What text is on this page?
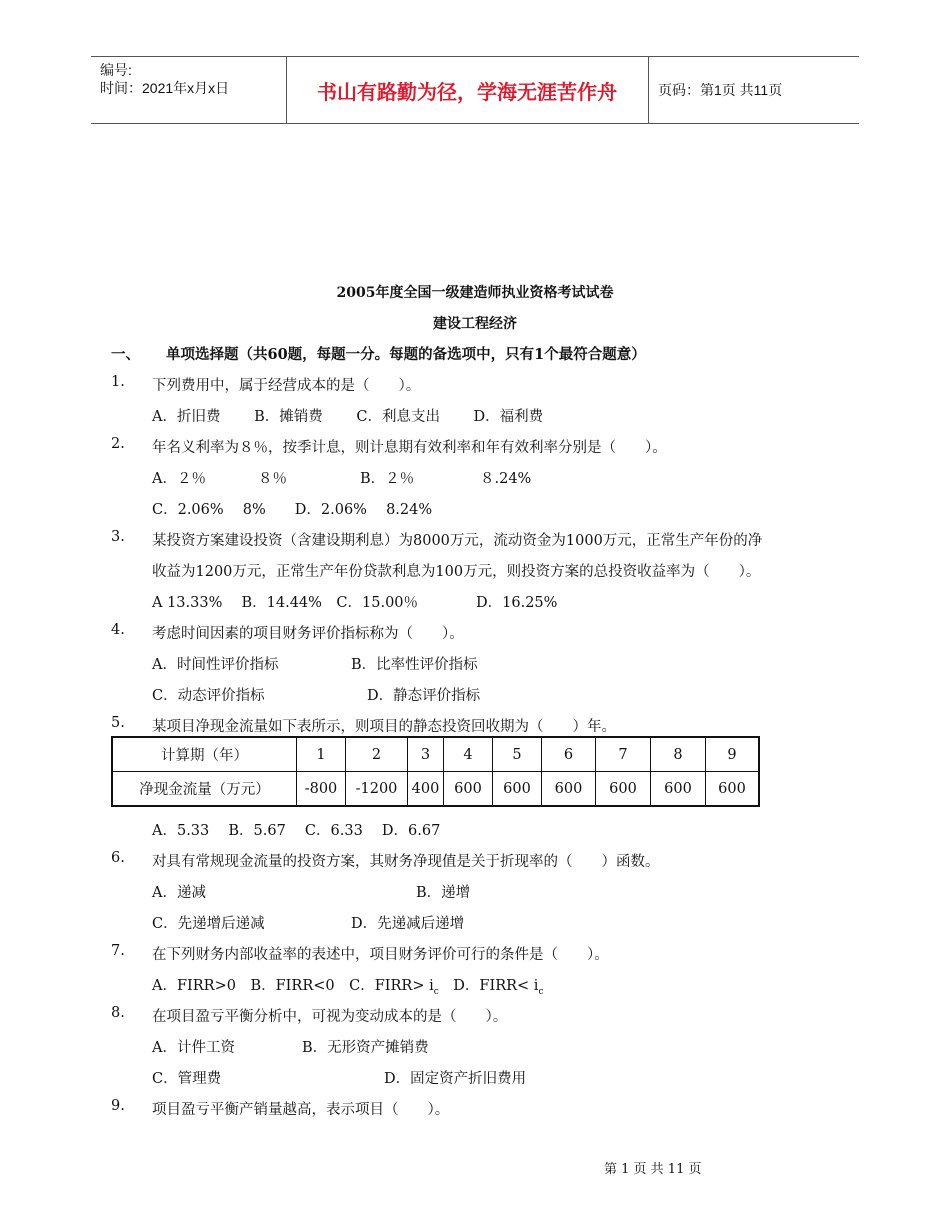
编号:
时间：2021年x月x日	书山有路勤为径，学海无涯苦作舟	页码：第1页 共11页
2005年度全国一级建造师执业资格考试试卷
建设工程经济
一、 单项选择题（共60题，每题一分。每题的备选项中，只有1个最符合题意）
1. 下列费用中，属于经营成本的是（　　）。
A．折旧费　　 B．摊销费　　 C．利息支出　　 D．福利费
2. 年名义利率为８％，按季计息，则计息期有效利率和年有效利率分别是（　　）。
A．２％	８％	B．２％	８.24%
C．2.06%　 8%　　D．2.06%　 8.24%
3. 某投资方案建设投资（含建设期利息）为8000万元，流动资金为1000万元，正常生产年份的净
收益为1200万元，正常生产年份贷款利息为100万元，则投资方案的总投资收益率为（　　）。
A 13.33%　 B．14.44%　C．15.00％　　　　D．16.25%
4. 考虑时间因素的项目财务评价指标称为（　　）。
A．时间性评价指标	B．比率性评价指标
C．动态评价指标	D．静态评价指标
5. 某项目净现金流量如下表所示，则项目的静态投资回收期为（　　）年。
计算期（年）	1	2	3	4	5	6	7	8	9
净现金流量（万元）	-800	-1200	400	600	600	600	600	600	600
A．5.33　 B．5.67　 C．6.33　 D．6.67
6. 对具有常规现金流量的投资方案，其财务净现值是关于折现率的（　　）函数。
A．递减	B．递增
C．先递增后递减	D．先递减后递增
7. 在下列财务内部收益率的表述中，项目财务评价可行的条件是（　　）。
A．FIRR>0　B．FIRR<0　C．FIRR> $i_c$　D．FIRR< $i_c$
8. 在项目盈亏平衡分析中，可视为变动成本的是（　　）。
A．计件工资	B．无形资产摊销费
C．管理费	D．固定资产折旧费用
9. 项目盈亏平衡产销量越高，表示项目（　　）。
第 1 页 共 11 页
